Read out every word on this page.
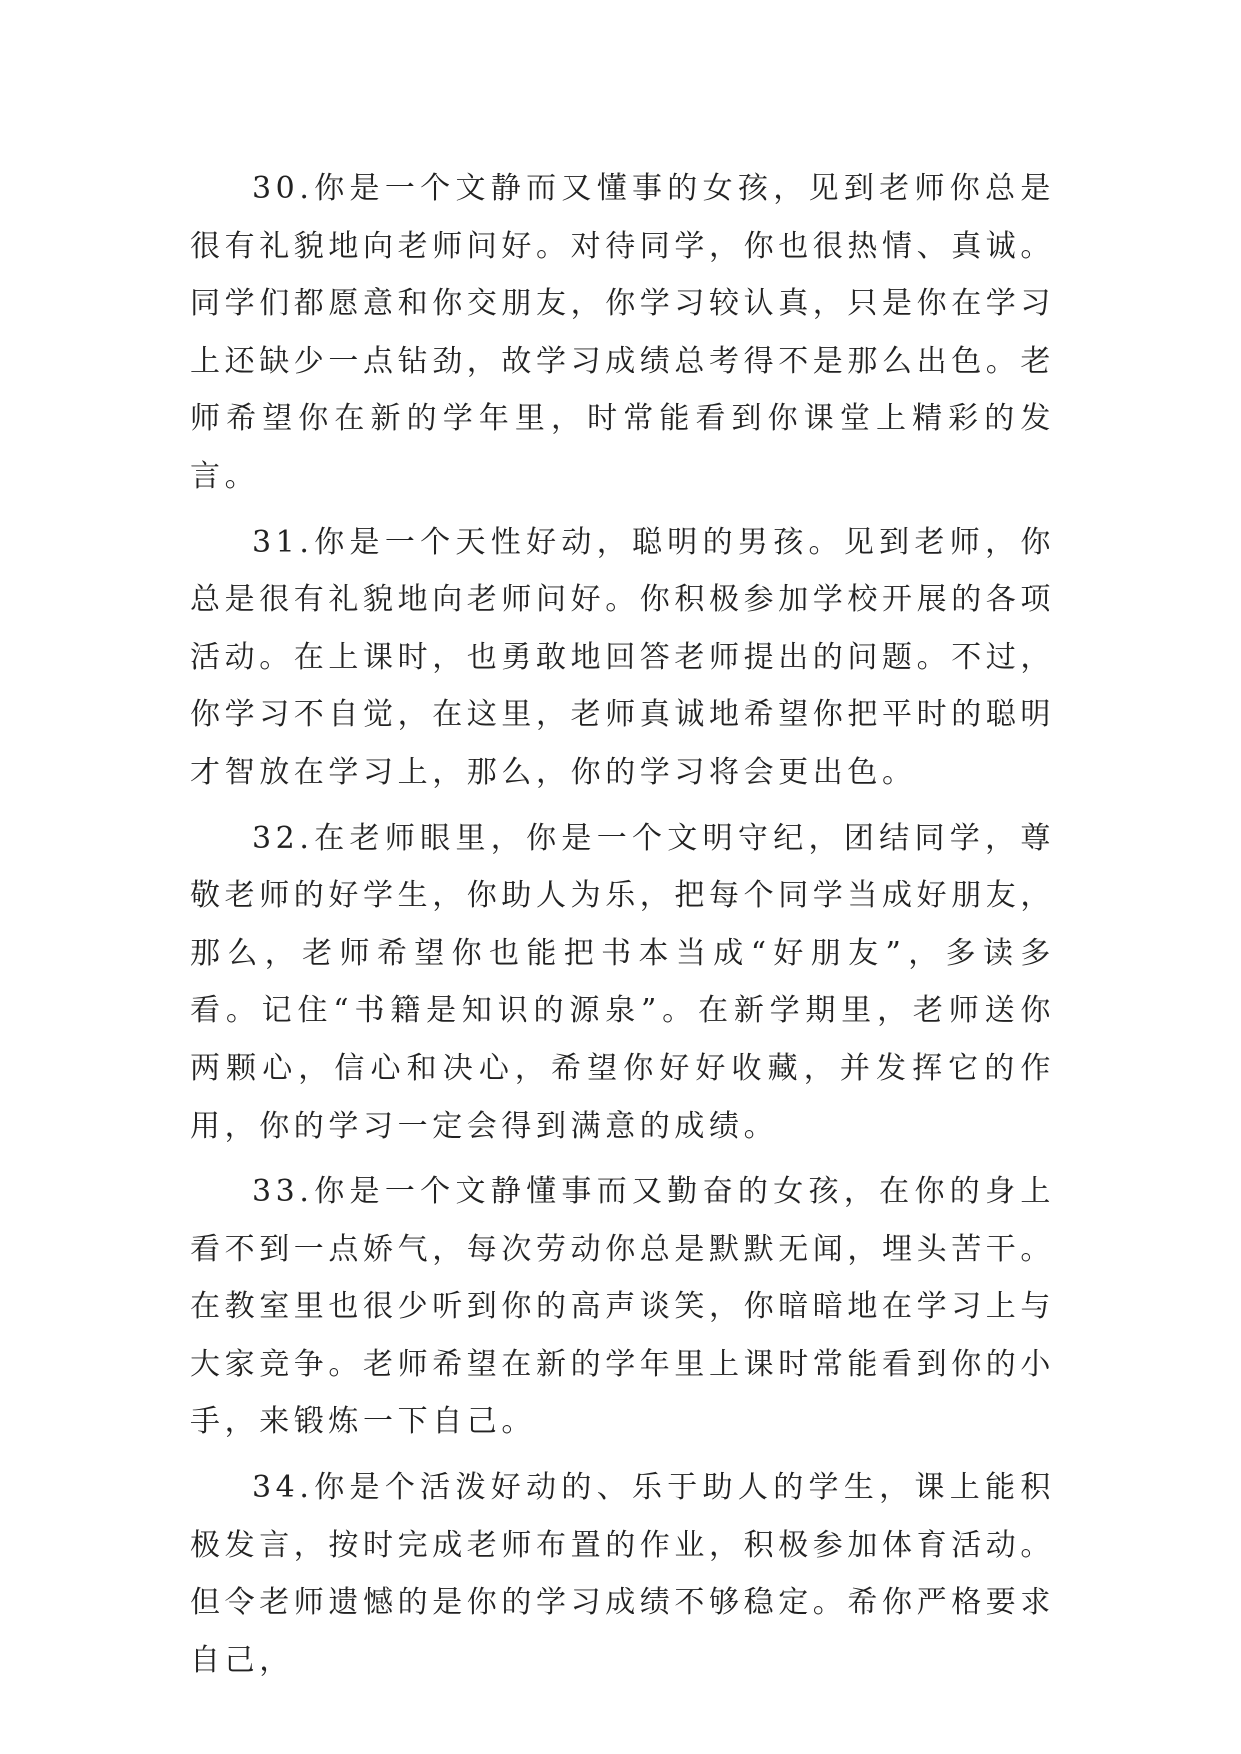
30.你是一个文静而又懂事的女孩，见到老师你总是很有礼貌地向老师问好。对待同学，你也很热情、真诚。同学们都愿意和你交朋友，你学习较认真，只是你在学习上还缺少一点钻劲，故学习成绩总考得不是那么出色。老师希望你在新的学年里，时常能看到你课堂上精彩的发言。

31.你是一个天性好动，聪明的男孩。见到老师，你总是很有礼貌地向老师问好。你积极参加学校开展的各项活动。在上课时，也勇敢地回答老师提出的问题。不过，你学习不自觉，在这里，老师真诚地希望你把平时的聪明才智放在学习上，那么，你的学习将会更出色。

32.在老师眼里，你是一个文明守纪，团结同学，尊敬老师的好学生，你助人为乐，把每个同学当成好朋友，那么，老师希望你也能把书本当成“好朋友”，多读多看。记住“书籍是知识的源泉”。在新学期里，老师送你两颗心，信心和决心，希望你好好收藏，并发挥它的作用，你的学习一定会得到满意的成绩。

33.你是一个文静懂事而又勤奋的女孩，在你的身上看不到一点娇气，每次劳动你总是默默无闻，埋头苦干。在教室里也很少听到你的高声谈笑，你暗暗地在学习上与大家竞争。老师希望在新的学年里上课时常能看到你的小手，来锻炼一下自己。

34.你是个活泼好动的、乐于助人的学生，课上能积极发言，按时完成老师布置的作业，积极参加体育活动。但令老师遗憾的是你的学习成绩不够稳定。希你严格要求自己，
